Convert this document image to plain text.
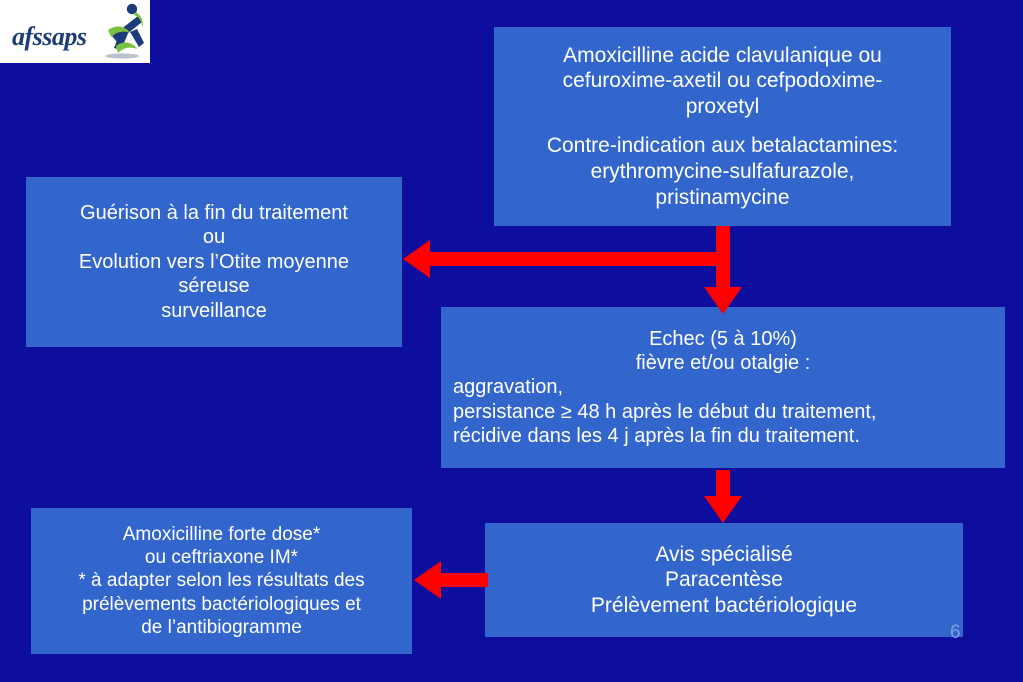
afssaps

Amoxicilline acide clavulanique ou

cefuroxime-axetil ou cefpodoxime-

proxetyl

Contre-indication aux betalactamines:

erythromycine-sulfafurazole,

pristinamycine

Guérison à la fin du traitement

ou

Evolution vers l’Otite moyenne

séreuse

surveillance

Echec (5 à 10%)

fièvre et/ou otalgie :

aggravation,

persistance ≥ 48 h après le début du traitement,

récidive dans les 4 j après la fin du traitement.

Amoxicilline forte dose*

ou ceftriaxone IM*

* à adapter selon les résultats des

prélèvements bactériologiques et

de l’antibiogramme

Avis spécialisé

Paracentèse

Prélèvement bactériologique

6
